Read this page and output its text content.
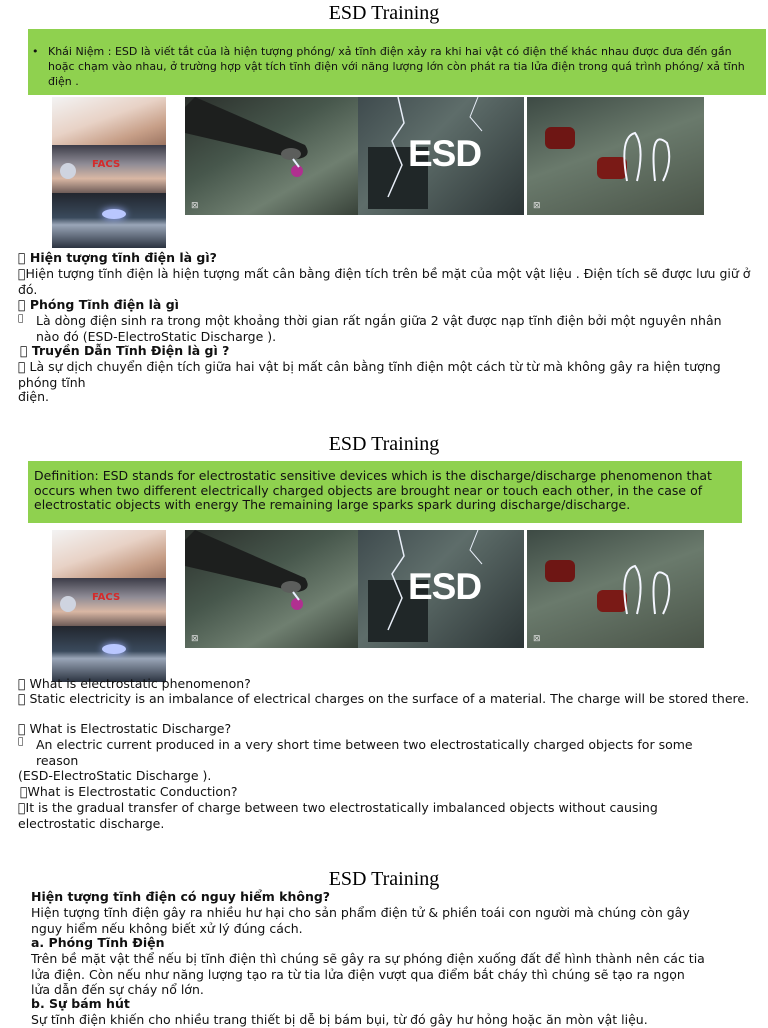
ESD Training
• Khái Niệm : ESD là viết tắt của là hiện tượng phóng/ xả tĩnh điện xảy ra khi hai vật có điện thế khác nhau được đưa đến gần hoặc chạm vào nhau, ở trường hợp vật tích tĩnh điện với năng lượng lớn còn phát ra tia lửa điện trong quá trình phóng/ xả tĩnh điện .
FACS
⊠
ESD
⊠
􀂃 Hiện tượng tĩnh điện là gì?
􀂃Hiện tượng tĩnh điện là hiện tượng mất cân bằng điện tích trên bề mặt của một vật liệu . Điện tích sẽ được lưu giữ ở đó.
􀂃 Phóng Tĩnh điện là gì
􀂃 Là dòng điện sinh ra trong một khoảng thời gian rất ngắn giữa 2 vật được nạp tĩnh điện bởi một nguyên nhân nào đó (ESD-ElectroStatic Discharge ).
􀂃 Truyền Dẫn Tĩnh Điện là gì ?
􀂃 Là sự dịch chuyển điện tích giữa hai vật bị mất cân bằng tĩnh điện một cách từ từ mà không gây ra hiện tượng phóng tĩnh
điện.
ESD Training
Definition: ESD stands for electrostatic sensitive devices which is the discharge/discharge phenomenon that occurs when two different electrically charged objects are brought near or touch each other, in the case of electrostatic objects with energy The remaining large sparks spark during discharge/discharge.
FACS
⊠
ESD
⊠
􀂃 What is electrostatic phenomenon?
􀂃 Static electricity is an imbalance of electrical charges on the surface of a material. The charge will be stored there.
􀂃 What is Electrostatic Discharge?
􀂃 An electric current produced in a very short time between two electrostatically charged objects for some reason
(ESD-ElectroStatic Discharge ).
􀂃What is Electrostatic Conduction?
􀂃It is the gradual transfer of charge between two electrostatically imbalanced objects without causing electrostatic discharge.
ESD Training
Hiện tượng tĩnh điện có nguy hiểm không?
Hiện tượng tĩnh điện gây ra nhiều hư hại cho sản phẩm điện tử & phiền toái con người mà chúng còn gây nguy hiểm nếu không biết xử lý đúng cách.
a. Phóng Tĩnh Điện
Trên bề mặt vật thể nếu bị tĩnh điện thì chúng sẽ gây ra sự phóng điện xuống đất để hình thành nên các tia lửa điện. Còn nếu như năng lượng tạo ra từ tia lửa điện vượt qua điểm bắt cháy thì chúng sẽ tạo ra ngọn lửa dẫn đến sự cháy nổ lớn.
b. Sự bám hút
Sự tĩnh điện khiến cho nhiều trang thiết bị dễ bị bám bụi, từ đó gây hư hỏng hoặc ăn mòn vật liệu.
